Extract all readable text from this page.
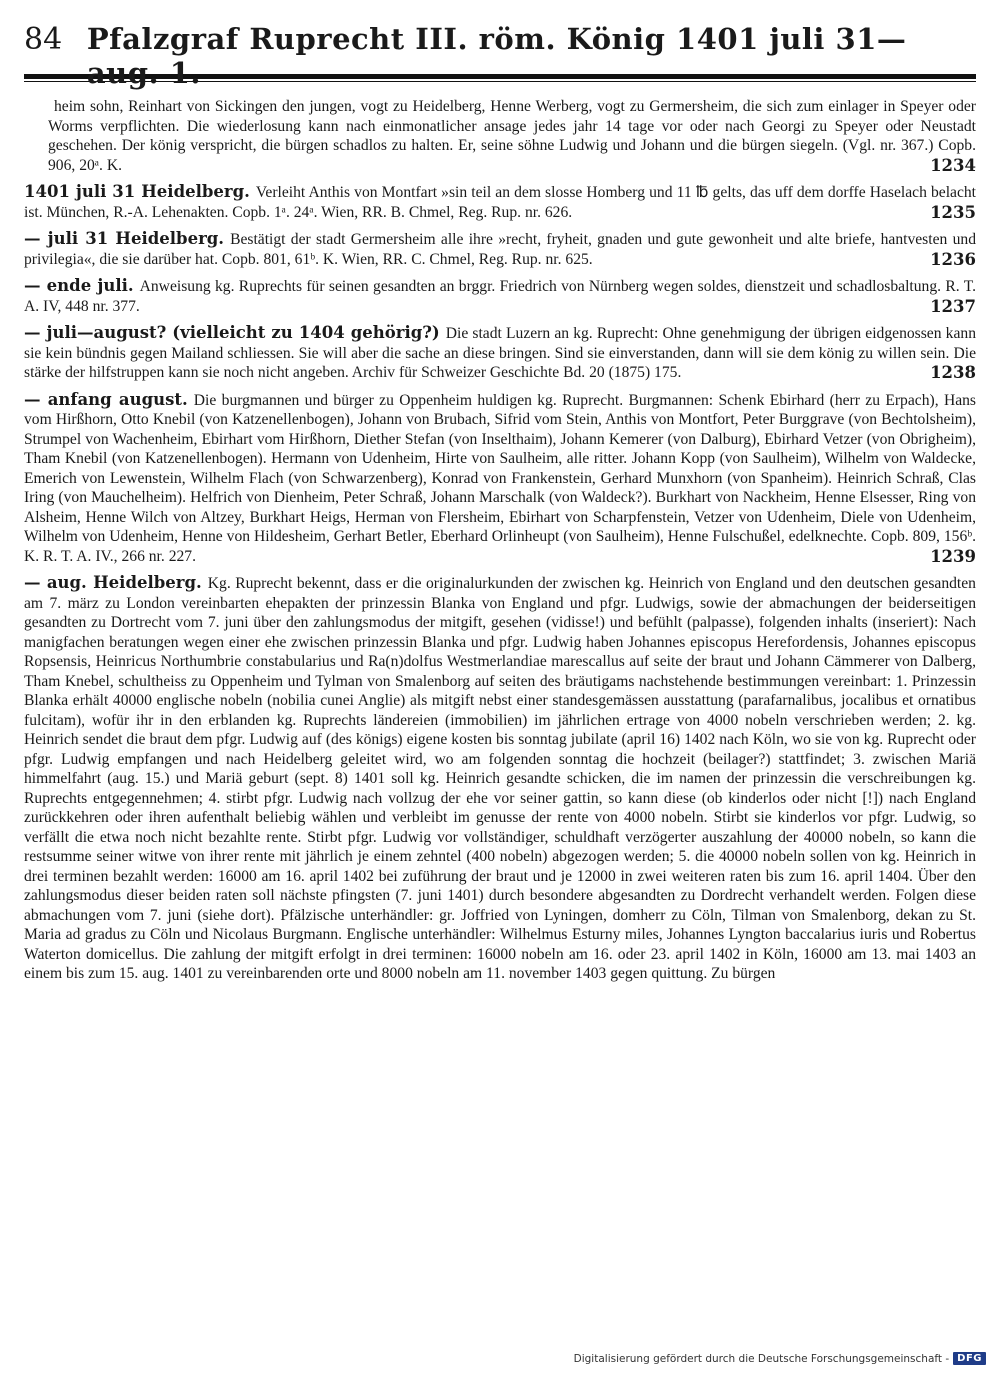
84 Pfalzgraf Ruprecht III. röm. König 1401 juli 31—aug. 1.
heim sohn, Reinhart von Sickingen den jungen, vogt zu Heidelberg, Henne Werberg, vogt zu Germersheim, die sich zum einlager in Speyer oder Worms verpflichten. Die wiederlosung kann nach einmonatlicher ansage jedes jahr 14 tage vor oder nach Georgi zu Speyer oder Neustadt geschehen. Der könig verspricht, die bürgen schadlos zu halten. Er, seine söhne Ludwig und Johann und die bürgen siegeln. (Vgl. nr. 367.) Copb. 906, 20ᵃ. K.	1234
1401 juli 31 Heidelberg. Verleiht Anthis von Montfart »sin teil an dem slosse Homberg und 11 ℔ gelts, das uff dem dorffe Haselach belacht ist. München, R.-A. Lehenakten. Copb. 1ᵃ. 24ᵃ. Wien, RR. B. Chmel, Reg. Rup. nr. 626.	1235
— juli 31 Heidelberg. Bestätigt der stadt Germersheim alle ihre »recht, fryheit, gnaden und gute gewonheit und alte briefe, hantvesten und privilegia«, die sie darüber hat. Copb. 801, 61ᵇ. K. Wien, RR. C. Chmel, Reg. Rup. nr. 625.	1236
— ende juli. Anweisung kg. Ruprechts für seinen gesandten an brggr. Friedrich von Nürnberg wegen soldes, dienstzeit und schadlosbaltung. R. T. A. IV, 448 nr. 377.	1237
— juli—august? (vielleicht zu 1404 gehörig?) Die stadt Luzern an kg. Ruprecht: Ohne genehmigung der übrigen eidgenossen kann sie kein bündnis gegen Mailand schliessen. Sie will aber die sache an diese bringen. Sind sie einverstanden, dann will sie dem könig zu willen sein. Die stärke der hilfstruppen kann sie noch nicht angeben. Archiv für Schweizer Geschichte Bd. 20 (1875) 175.	1238
— anfang august. Die burgmannen und bürger zu Oppenheim huldigen kg. Ruprecht. Burgmannen: Schenk Ebirhard (herr zu Erpach), Hans vom Hirßhorn, Otto Knebil (von Katzenellenbogen), Johann von Brubach, Sifrid vom Stein, Anthis von Montfort, Peter Burggrave (von Bechtolsheim), Strumpel von Wachenheim, Ebirhart vom Hirßhorn, Diether Stefan (von Inselthaim), Johann Kemerer (von Dalburg), Ebirhard Vetzer (von Obrigheim), Tham Knebil (von Katzenellenbogen). Hermann von Udenheim, Hirte von Saulheim, alle ritter. Johann Kopp (von Saulheim), Wilhelm von Waldecke, Emerich von Lewenstein, Wilhelm Flach (von Schwarzenberg), Konrad von Frankenstein, Gerhard Munxhorn (von Spanheim). Heinrich Schraß, Clas Iring (von Mauchelheim). Helfrich von Dienheim, Peter Schraß, Johann Marschalk (von Waldeck?). Burkhart von Nackheim, Henne Elsesser, Ring von Alsheim, Henne Wilch von Altzey, Burkhart Heigs, Herman von Flersheim, Ebirhart von Scharpfenstein, Vetzer von Udenheim, Diele von Udenheim, Wilhelm von Udenheim, Henne von Hildesheim, Gerhart Betler, Eberhard Orlinheupt (von Saulheim), Henne Fulschußel, edelknechte. Copb. 809, 156ᵇ. K. R. T. A. IV., 266 nr. 227.	1239
— aug. Heidelberg. Kg. Ruprecht bekennt, dass er die originalurkunden der zwischen kg. Heinrich von England und den deutschen gesandten am 7. märz zu London vereinbarten ehepakten der prinzessin Blanka von England und pfgr. Ludwigs, sowie der abmachungen der beiderseitigen gesandten zu Dortrecht vom 7. juni über den zahlungsmodus der mitgift, gesehen (vidisse!) und befühlt (palpasse), folgenden inhalts (inseriert): Nach manigfachen beratungen wegen einer ehe zwischen prinzessin Blanka und pfgr. Ludwig haben Johannes episcopus Herefordensis, Johannes episcopus Ropsensis, Heinricus Northumbrie constabularius und Ra(n)dolfus Westmerlandiae marescallus auf seite der braut und Johann Cämmerer von Dalberg, Tham Knebel, schultheiss zu Oppenheim und Tylman von Smalenborg auf seiten des bräutigams nachstehende bestimmungen vereinbart: 1. Prinzessin Blanka erhält 40000 englische nobeln (nobilia cunei Anglie) als mitgift nebst einer standesgemässen ausstattung (parafarnalibus, jocalibus et ornatibus fulcitam), wofür ihr in den erblanden kg. Ruprechts ländereien (immobilien) im jährlichen ertrage von 4000 nobeln verschrieben werden; 2. kg. Heinrich sendet die braut dem pfgr. Ludwig auf (des königs) eigene kosten bis sonntag jubilate (april 16) 1402 nach Köln, wo sie von kg. Ruprecht oder pfgr. Ludwig empfangen und nach Heidelberg geleitet wird, wo am folgenden sonntag die hochzeit (beilager?) stattfindet; 3. zwischen Mariä himmelfahrt (aug. 15.) und Mariä geburt (sept. 8) 1401 soll kg. Heinrich gesandte schicken, die im namen der prinzessin die verschreibungen kg. Ruprechts entgegennehmen; 4. stirbt pfgr. Ludwig nach vollzug der ehe vor seiner gattin, so kann diese (ob kinderlos oder nicht [!]) nach England zurückkehren oder ihren aufenthalt beliebig wählen und verbleibt im genusse der rente von 4000 nobeln. Stirbt sie kinderlos vor pfgr. Ludwig, so verfällt die etwa noch nicht bezahlte rente. Stirbt pfgr. Ludwig vor vollständiger, schuldhaft verzögerter auszahlung der 40000 nobeln, so kann die restsumme seiner witwe von ihrer rente mit jährlich je einem zehntel (400 nobeln) abgezogen werden; 5. die 40000 nobeln sollen von kg. Heinrich in drei terminen bezahlt werden: 16000 am 16. april 1402 bei zuführung der braut und je 12000 in zwei weiteren raten bis zum 16. april 1404. Über den zahlungsmodus dieser beiden raten soll nächste pfingsten (7. juni 1401) durch besondere abgesandten zu Dordrecht verhandelt werden. Folgen diese abmachungen vom 7. juni (siehe dort). Pfälzische unterhändler: gr. Joffried von Lyningen, domherr zu Cöln, Tilman von Smalenborg, dekan zu St. Maria ad gradus zu Cöln und Nicolaus Burgmann. Englische unterhändler: Wilhelmus Esturny miles, Johannes Lyngton baccalarius iuris und Robertus Waterton domicellus. Die zahlung der mitgift erfolgt in drei terminen: 16000 nobeln am 16. oder 23. april 1402 in Köln, 16000 am 13. mai 1403 an einem bis zum 15. aug. 1401 zu vereinbarenden orte und 8000 nobeln am 11. november 1403 gegen quittung. Zu bürgen
Digitalisierung gefördert durch die Deutsche Forschungsgemeinschaft - DFG
